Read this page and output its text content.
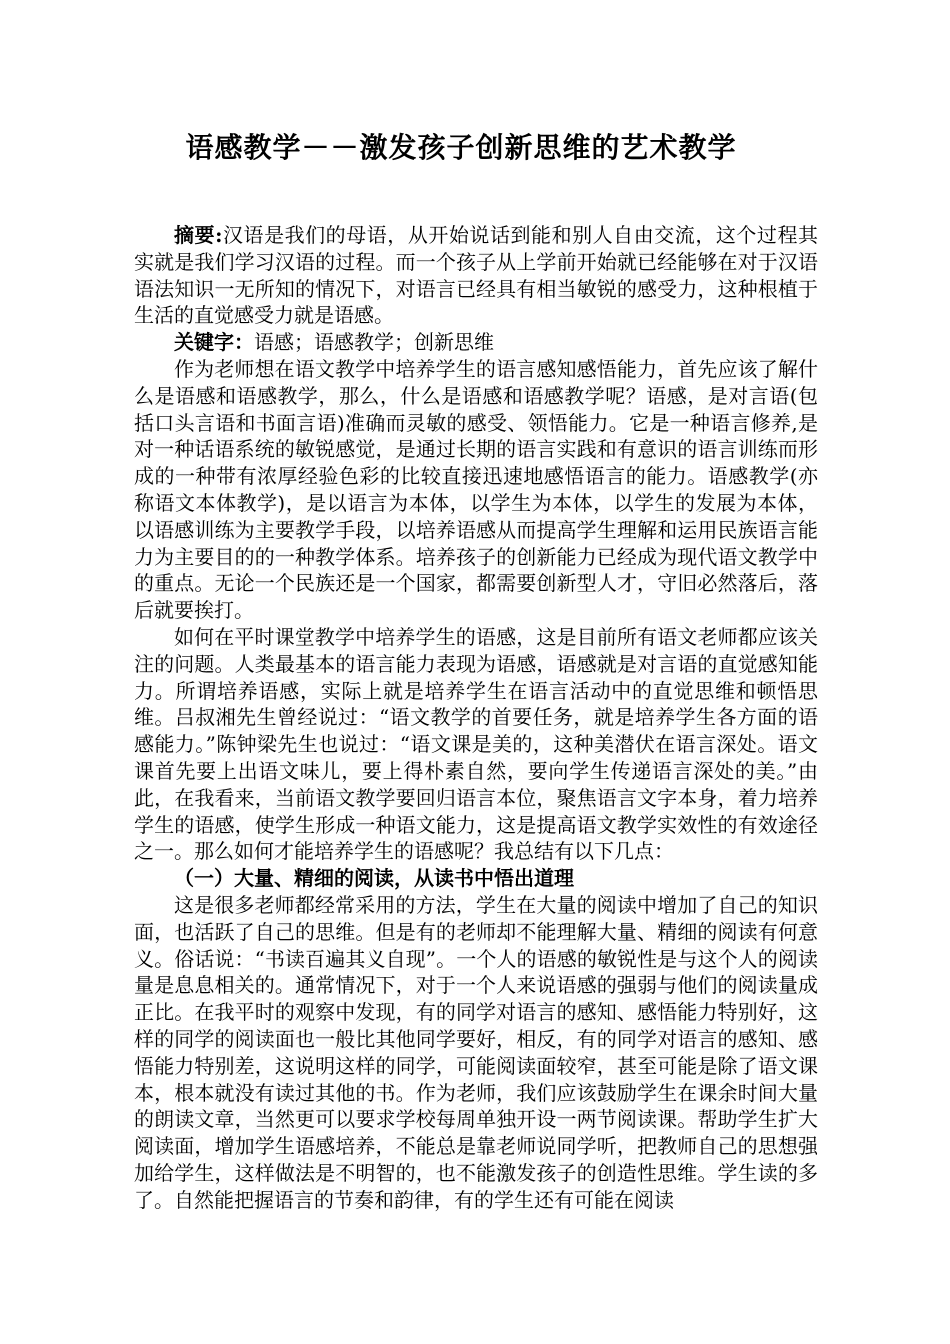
语感教学－－激发孩子创新思维的艺术教学

摘要:汉语是我们的母语，从开始说话到能和别人自由交流，这个过程其实就是我们学习汉语的过程。而一个孩子从上学前开始就已经能够在对于汉语语法知识一无所知的情况下，对语言已经具有相当敏锐的感受力，这种根植于生活的直觉感受力就是语感。

关键字：语感；语感教学；创新思维

作为老师想在语文教学中培养学生的语言感知感悟能力，首先应该了解什么是语感和语感教学，那么，什么是语感和语感教学呢？语感，是对言语(包括口头言语和书面言语)准确而灵敏的感受、领悟能力。它是一种语言修养,是对一种话语系统的敏锐感觉，是通过长期的语言实践和有意识的语言训练而形成的一种带有浓厚经验色彩的比较直接迅速地感悟语言的能力。语感教学(亦称语文本体教学)，是以语言为本体，以学生为本体，以学生的发展为本体，以语感训练为主要教学手段，以培养语感从而提高学生理解和运用民族语言能力为主要目的的一种教学体系。培养孩子的创新能力已经成为现代语文教学中的重点。无论一个民族还是一个国家，都需要创新型人才，守旧必然落后，落后就要挨打。

如何在平时课堂教学中培养学生的语感，这是目前所有语文老师都应该关注的问题。人类最基本的语言能力表现为语感，语感就是对言语的直觉感知能力。所谓培养语感，实际上就是培养学生在语言活动中的直觉思维和顿悟思维。吕叔湘先生曾经说过：“语文教学的首要任务，就是培养学生各方面的语感能力。”陈钟梁先生也说过：“语文课是美的，这种美潜伏在语言深处。语文课首先要上出语文味儿，要上得朴素自然，要向学生传递语言深处的美。”由此，在我看来，当前语文教学要回归语言本位，聚焦语言文字本身，着力培养学生的语感，使学生形成一种语文能力，这是提高语文教学实效性的有效途径之一。那么如何才能培养学生的语感呢？我总结有以下几点：

（一）大量、精细的阅读，从读书中悟出道理

这是很多老师都经常采用的方法，学生在大量的阅读中增加了自己的知识面，也活跃了自己的思维。但是有的老师却不能理解大量、精细的阅读有何意义。俗话说：“书读百遍其义自现”。一个人的语感的敏锐性是与这个人的阅读量是息息相关的。通常情况下，对于一个人来说语感的强弱与他们的阅读量成正比。在我平时的观察中发现，有的同学对语言的感知、感悟能力特别好，这样的同学的阅读面也一般比其他同学要好，相反，有的同学对语言的感知、感悟能力特别差，这说明这样的同学，可能阅读面较窄，甚至可能是除了语文课本，根本就没有读过其他的书。作为老师，我们应该鼓励学生在课余时间大量的朗读文章，当然更可以要求学校每周单独开设一两节阅读课。帮助学生扩大阅读面，增加学生语感培养，不能总是靠老师说同学听，把教师自己的思想强加给学生，这样做法是不明智的，也不能激发孩子的创造性思维。学生读的多了。自然能把握语言的节奏和韵律，有的学生还有可能在阅读
